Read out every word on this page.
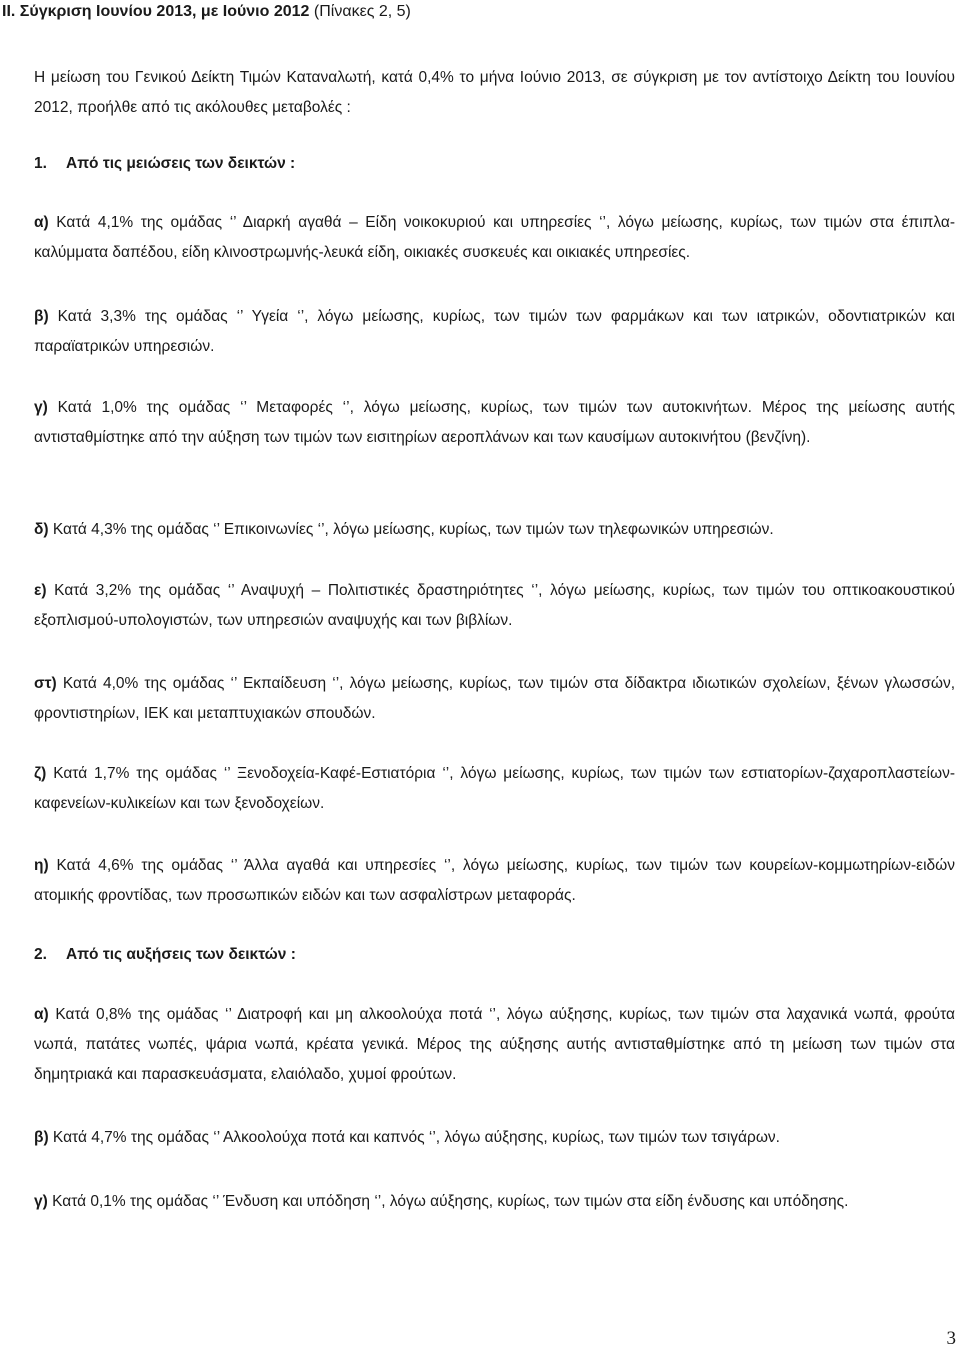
II. Σύγκριση Ιουνίου 2013, με Ιούνιο 2012 (Πίνακες 2, 5)
Η μείωση του Γενικού Δείκτη Τιμών Καταναλωτή, κατά 0,4% το μήνα Ιούνιο 2013, σε σύγκριση με τον αντίστοιχο Δείκτη του Ιουνίου 2012, προήλθε από τις ακόλουθες μεταβολές :
1. Από τις μειώσεις των δεικτών :
α) Κατά 4,1% της ομάδας ‘’ Διαρκή αγαθά – Είδη νοικοκυριού και υπηρεσίες ‘’, λόγω μείωσης, κυρίως, των τιμών στα έπιπλα-καλύμματα δαπέδου, είδη κλινοστρωμνής-λευκά είδη, οικιακές συσκευές και οικιακές υπηρεσίες.
β) Κατά 3,3% της ομάδας ‘’ Υγεία ‘’, λόγω μείωσης, κυρίως, των τιμών των φαρμάκων και των ιατρικών, οδοντιατρικών και παραϊατρικών υπηρεσιών.
γ) Κατά 1,0% της ομάδας ‘’ Μεταφορές ‘’, λόγω μείωσης, κυρίως, των τιμών των αυτοκινήτων. Μέρος της μείωσης αυτής αντισταθμίστηκε από την αύξηση των τιμών των εισιτηρίων αεροπλάνων και των καυσίμων αυτοκινήτου (βενζίνη).
δ) Κατά 4,3% της ομάδας ‘’ Επικοινωνίες ‘’, λόγω μείωσης, κυρίως, των τιμών των τηλεφωνικών υπηρεσιών.
ε) Κατά 3,2% της ομάδας ‘’ Αναψυχή – Πολιτιστικές δραστηριότητες ‘’, λόγω μείωσης, κυρίως, των τιμών του οπτικοακουστικού εξοπλισμού-υπολογιστών, των υπηρεσιών αναψυχής και των βιβλίων.
στ) Κατά 4,0% της ομάδας ‘’ Εκπαίδευση ‘’, λόγω μείωσης, κυρίως, των τιμών στα δίδακτρα ιδιωτικών σχολείων, ξένων γλωσσών, φροντιστηρίων, ΙΕΚ και μεταπτυχιακών σπουδών.
ζ) Κατά 1,7% της ομάδας ‘’ Ξενοδοχεία-Καφέ-Εστιατόρια ‘’, λόγω μείωσης, κυρίως, των τιμών των εστιατορίων-ζαχαροπλαστείων-καφενείων-κυλικείων και των ξενοδοχείων.
η) Κατά 4,6% της ομάδας ‘’ Άλλα αγαθά και υπηρεσίες ‘’, λόγω μείωσης, κυρίως, των τιμών των κουρείων-κομμωτηρίων-ειδών ατομικής φροντίδας, των προσωπικών ειδών και των ασφαλίστρων μεταφοράς.
2. Από τις αυξήσεις των δεικτών :
α) Κατά 0,8% της ομάδας ‘’ Διατροφή και μη αλκοολούχα ποτά ‘’, λόγω αύξησης, κυρίως, των τιμών στα λαχανικά νωπά, φρούτα νωπά, πατάτες νωπές, ψάρια νωπά, κρέατα γενικά. Μέρος της αύξησης αυτής αντισταθμίστηκε από τη μείωση των τιμών στα δημητριακά και παρασκευάσματα, ελαιόλαδο, χυμοί φρούτων.
β) Κατά 4,7% της ομάδας ‘’ Αλκοολούχα ποτά και καπνός ‘’, λόγω αύξησης, κυρίως, των τιμών των τσιγάρων.
γ) Κατά 0,1% της ομάδας ‘’ Ένδυση και υπόδηση ‘’, λόγω αύξησης, κυρίως, των τιμών στα είδη ένδυσης και υπόδησης.
3
